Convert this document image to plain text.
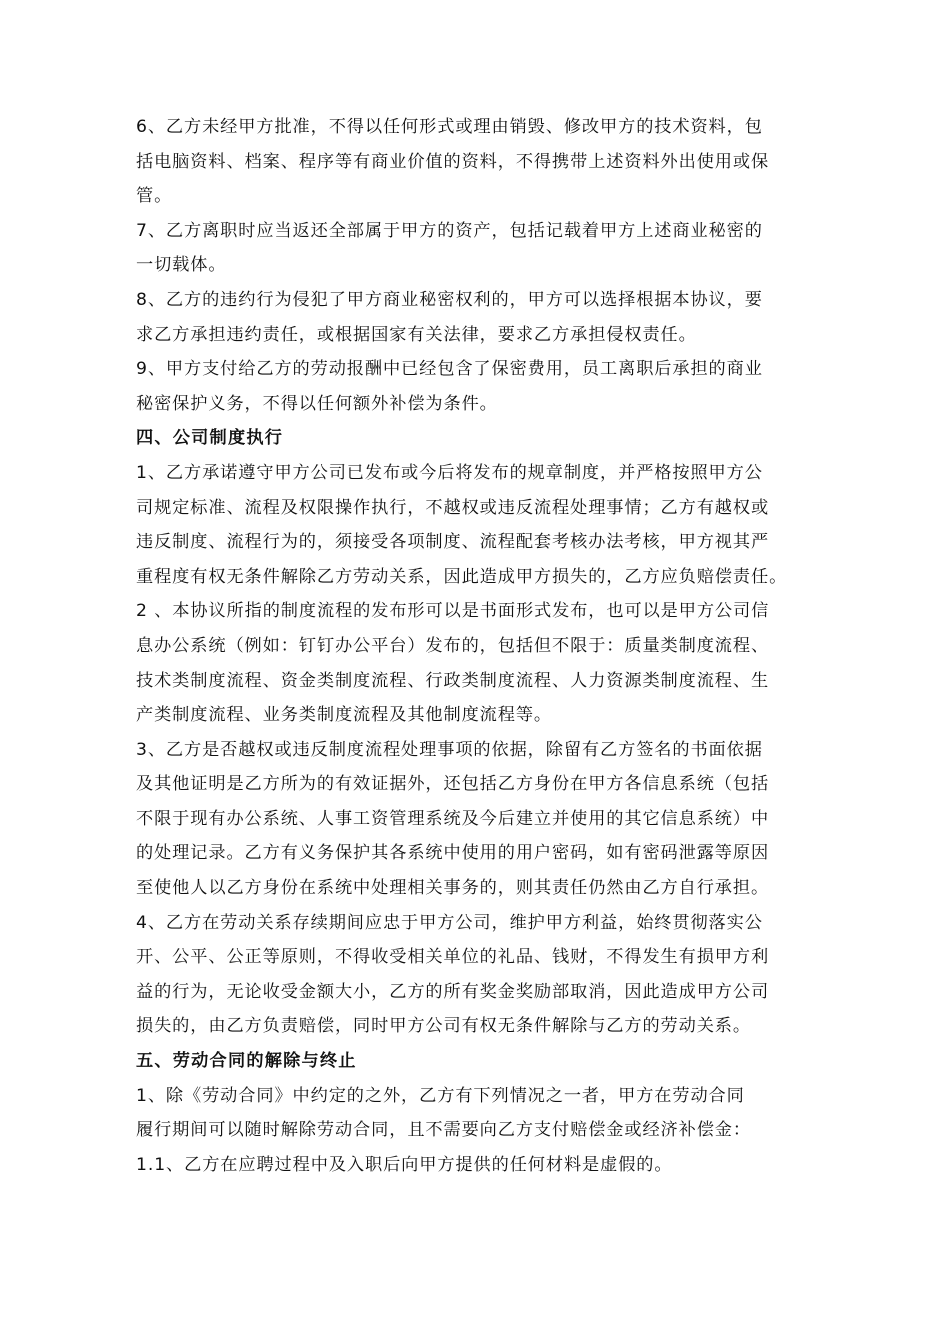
6、乙方未经甲方批准，不得以任何形式或理由销毁、修改甲方的技术资料，包
括电脑资料、档案、程序等有商业价值的资料，不得携带上述资料外出使用或保
管。
7、乙方离职时应当返还全部属于甲方的资产，包括记载着甲方上述商业秘密的
一切载体。
8、乙方的违约行为侵犯了甲方商业秘密权利的，甲方可以选择根据本协议，要
求乙方承担违约责任，或根据国家有关法律，要求乙方承担侵权责任。
9、甲方支付给乙方的劳动报酬中已经包含了保密费用，员工离职后承担的商业
秘密保护义务，不得以任何额外补偿为条件。
四、公司制度执行
1、乙方承诺遵守甲方公司已发布或今后将发布的规章制度，并严格按照甲方公
司规定标准、流程及权限操作执行，不越权或违反流程处理事情；乙方有越权或
违反制度、流程行为的，须接受各项制度、流程配套考核办法考核，甲方视其严
重程度有权无条件解除乙方劳动关系，因此造成甲方损失的，乙方应负赔偿责任。
2 、本协议所指的制度流程的发布形可以是书面形式发布，也可以是甲方公司信
息办公系统（例如：钉钉办公平台）发布的，包括但不限于：质量类制度流程、
技术类制度流程、资金类制度流程、行政类制度流程、人力资源类制度流程、生
产类制度流程、业务类制度流程及其他制度流程等。
3、乙方是否越权或违反制度流程处理事项的依据，除留有乙方签名的书面依据
及其他证明是乙方所为的有效证据外，还包括乙方身份在甲方各信息系统（包括
不限于现有办公系统、人事工资管理系统及今后建立并使用的其它信息系统）中
的处理记录。乙方有义务保护其各系统中使用的用户密码，如有密码泄露等原因
至使他人以乙方身份在系统中处理相关事务的，则其责任仍然由乙方自行承担。
4、乙方在劳动关系存续期间应忠于甲方公司，维护甲方利益，始终贯彻落实公
开、公平、公正等原则，不得收受相关单位的礼品、钱财，不得发生有损甲方利
益的行为，无论收受金额大小，乙方的所有奖金奖励部取消，因此造成甲方公司
损失的，由乙方负责赔偿，同时甲方公司有权无条件解除与乙方的劳动关系。
五、劳动合同的解除与终止
1、除《劳动合同》中约定的之外，乙方有下列情况之一者，甲方在劳动合同
履行期间可以随时解除劳动合同，且不需要向乙方支付赔偿金或经济补偿金：
1.1、乙方在应聘过程中及入职后向甲方提供的任何材料是虚假的。
